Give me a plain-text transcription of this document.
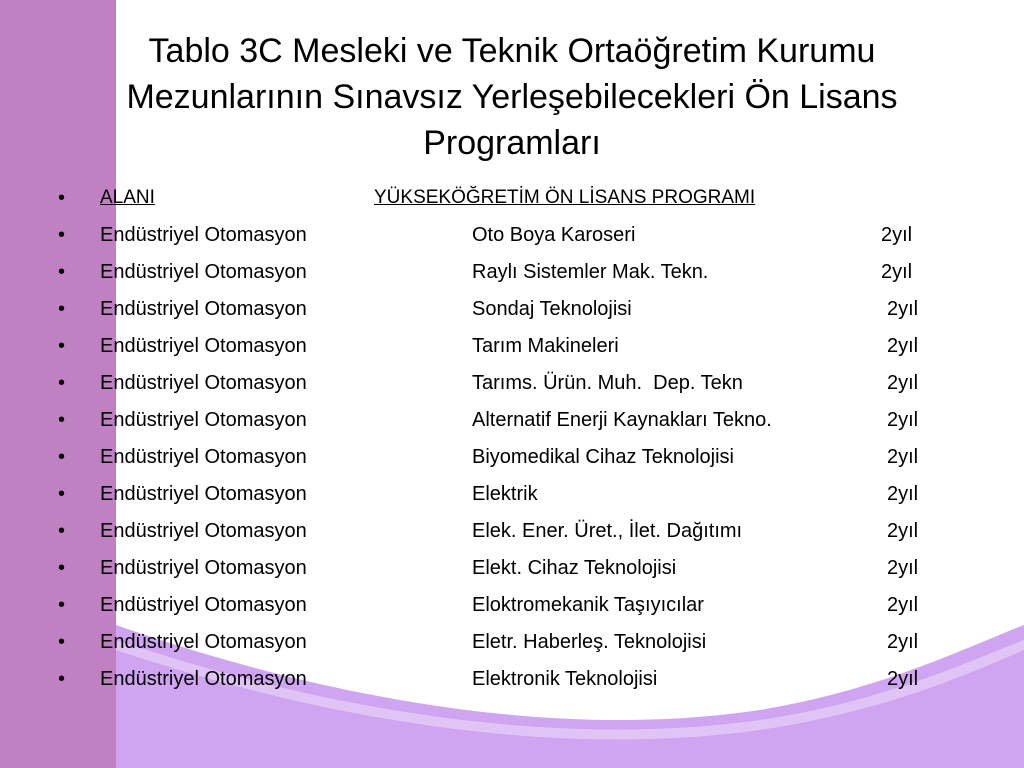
Tablo 3C Mesleki ve Teknik Ortaöğretim Kurumu
Mezunlarının Sınavsız Yerleşebilecekleri Ön Lisans
Programları
• ALANI	YÜKSEKÖĞRETİM ÖN LİSANS PROGRAMI
• Endüstriyel Otomasyon	Oto Boya Karoseri	2yıl
• Endüstriyel Otomasyon	Raylı Sistemler Mak. Tekn.	2yıl
• Endüstriyel Otomasyon	Sondaj Teknolojisi	2yıl
• Endüstriyel Otomasyon	Tarım Makineleri	2yıl
• Endüstriyel Otomasyon	Tarıms. Ürün. Muh.  Dep. Tekn	2yıl
• Endüstriyel Otomasyon	Alternatif Enerji Kaynakları Tekno.	2yıl
• Endüstriyel Otomasyon	Biyomedikal Cihaz Teknolojisi	2yıl
• Endüstriyel Otomasyon	Elektrik	2yıl
• Endüstriyel Otomasyon	Elek. Ener. Üret., İlet. Dağıtımı	2yıl
• Endüstriyel Otomasyon	Elekt. Cihaz Teknolojisi	2yıl
• Endüstriyel Otomasyon	Eloktromekanik Taşıyıcılar	2yıl
• Endüstriyel Otomasyon	Eletr. Haberleş. Teknolojisi	2yıl
• Endüstriyel Otomasyon	Elektronik Teknolojisi	2yıl
